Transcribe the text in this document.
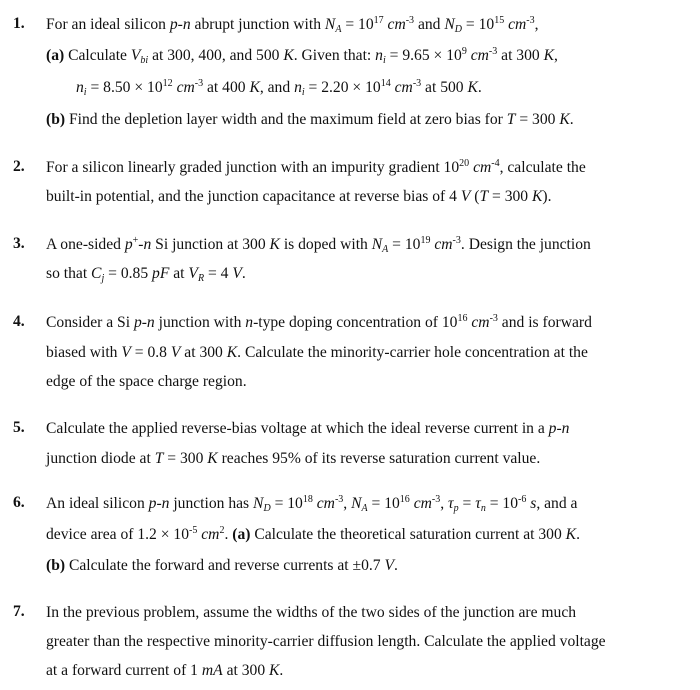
1. For an ideal silicon p-n abrupt junction with $N_A = 10^{17}$ $cm^{-3}$ and $N_D = 10^{15}$ $cm^{-3}$,
(a) Calculate $V_{bi}$ at 300, 400, and 500 K. Given that: $n_i = 9.65 \times 10^9$ $cm^{-3}$ at 300 K,
$n_i = 8.50 \times 10^{12}$ $cm^{-3}$ at 400 K, and $n_i = 2.20 \times 10^{14}$ $cm^{-3}$ at 500 K.
(b) Find the depletion layer width and the maximum field at zero bias for T = 300 K.
2. For a silicon linearly graded junction with an impurity gradient $10^{20}$ $cm^{-4}$, calculate the
built-in potential, and the junction capacitance at reverse bias of 4 V (T = 300 K).
3. A one-sided p+-n Si junction at 300 K is doped with $N_A = 10^{19}$ $cm^{-3}$. Design the junction
so that $C_j = 0.85$ pF at $V_R = 4$ V.
4. Consider a Si p-n junction with n-type doping concentration of $10^{16}$ $cm^{-3}$ and is forward
biased with V = 0.8 V at 300 K. Calculate the minority-carrier hole concentration at the
edge of the space charge region.
5. Calculate the applied reverse-bias voltage at which the ideal reverse current in a p-n
junction diode at T = 300 K reaches 95% of its reverse saturation current value.
6. An ideal silicon p-n junction has $N_D = 10^{18}$ $cm^{-3}$, $N_A = 10^{16}$ $cm^{-3}$, $\tau_p = \tau_n = 10^{-6}$ s, and a
device area of $1.2 \times 10^{-5}$ $cm^2$. (a) Calculate the theoretical saturation current at 300 K.
(b) Calculate the forward and reverse currents at ±0.7 V.
7. In the previous problem, assume the widths of the two sides of the junction are much
greater than the respective minority-carrier diffusion length. Calculate the applied voltage
at a forward current of 1 mA at 300 K.
